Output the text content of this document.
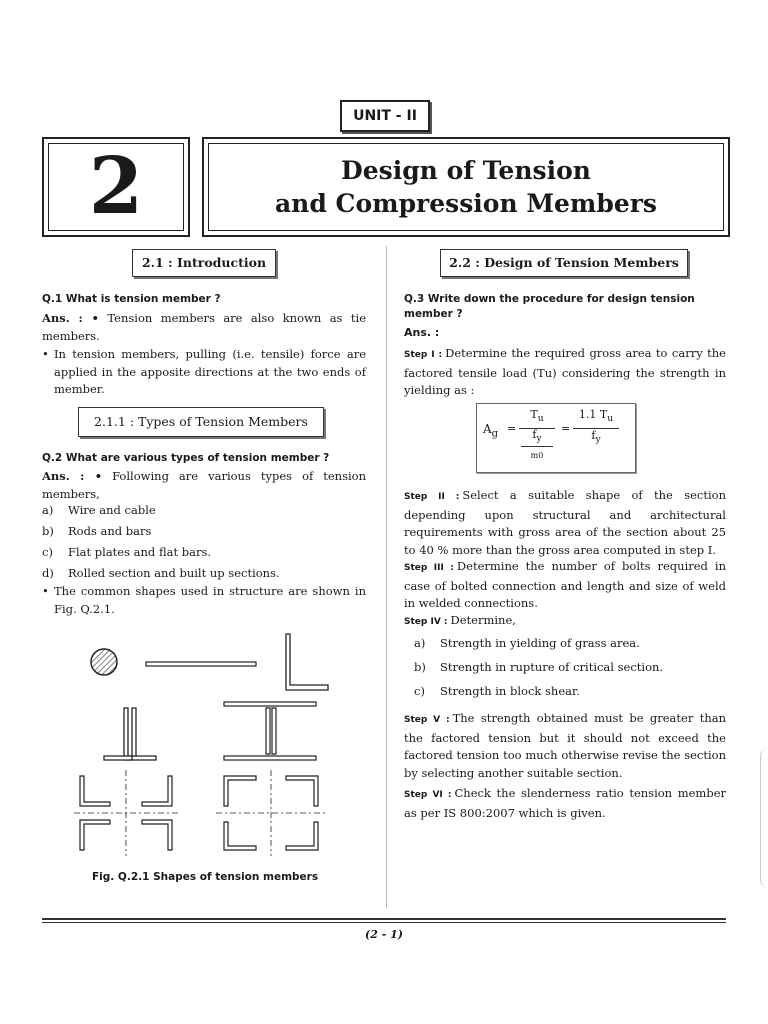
UNIT - II
2	Design of Tension
and Compression Members
2.1 : Introduction
Q.1 What is tension member ?
Ans. : • Tension members are also known as tie members.
• In tension members, pulling (i.e. tensile) force are applied in the apposite directions at the two ends of member.
2.1.1 : Types of Tension Members
Q.2 What are various types of tension member ?
Ans. : • Following are various types of tension members,
a) Wire and cable
b) Rods and bars
c) Flat plates and flat bars.
d) Rolled section and built up sections.
• The common shapes used in structure are shown in Fig. Q.2.1.
Fig. Q.2.1 Shapes of tension members
2.2 : Design of Tension Members
Q.3 Write down the procedure for design tension member ?
Ans. :
Step I : Determine the required gross area to carry the factored tensile load (Tu) considering the strength in yielding as :
$A_g$ =
$T_u$
$f_y$
m0
=
1.1 $T_u$
$f_y$
Step II : Select a suitable shape of the section depending upon structural and architectural requirements with gross area of the section about 25 to 40 % more than the gross area computed in step I.
Step III : Determine the number of bolts required in case of bolted connection and length and size of weld in welded connections.
Step IV : Determine,
a) Strength in yielding of grass area.
b) Strength in rupture of critical section.
c) Strength in block shear.
Step V : The strength obtained must be greater than the factored tension but it should not exceed the factored tension too much otherwise revise the section by selecting another suitable section.
Step VI : Check the slenderness ratio tension member as per IS 800:2007 which is given.
(2 - 1)
